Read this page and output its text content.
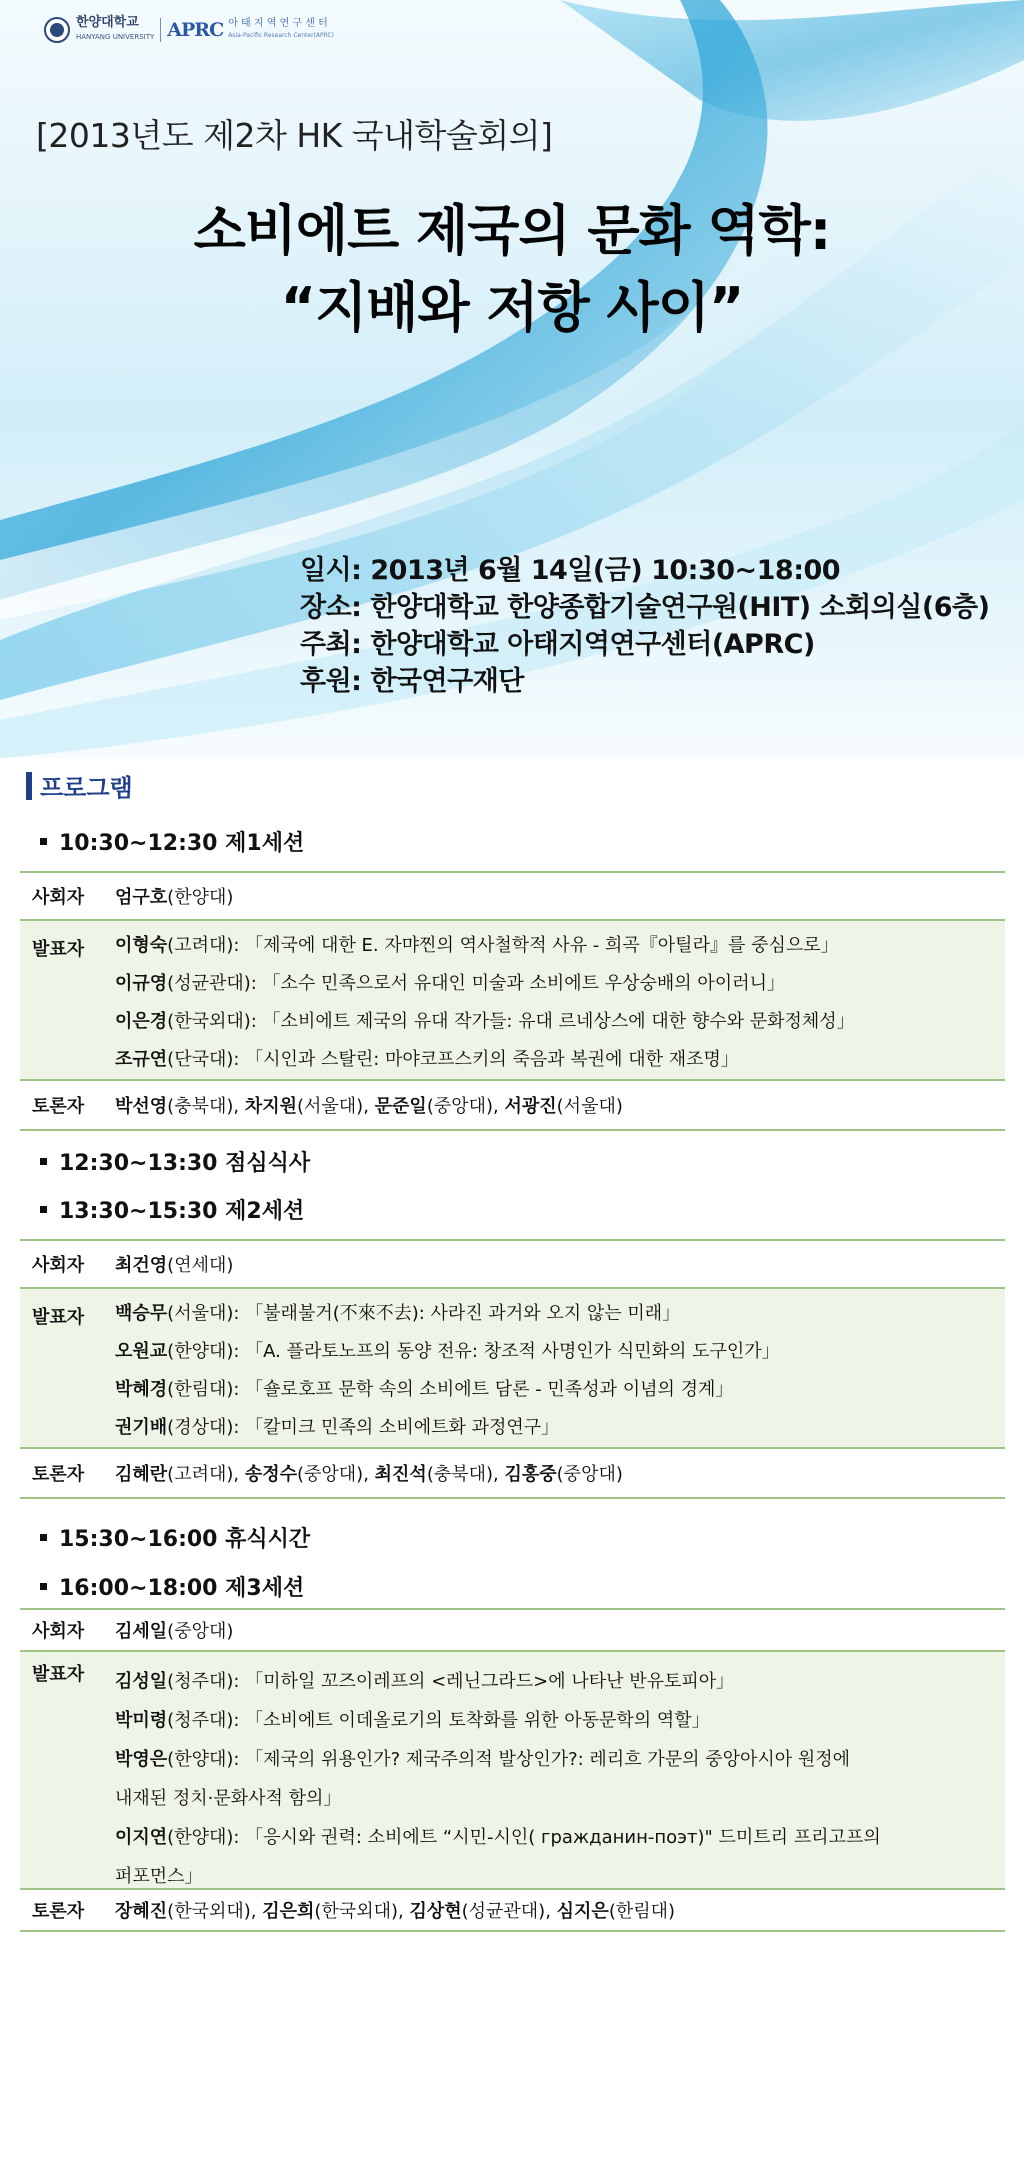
한양대학교
HANYANG UNIVERSITY APRC 아 태 지 역 연 구 센 터
Asia-Pacific Research Center(APRC)
[2013년도 제2차 HK 국내학술회의]
소비에트 제국의 문화 역학:
“지배와 저항 사이”
일시: 2013년 6월 14일(금) 10:30~18:00
장소: 한양대학교 한양종합기술연구원(HIT) 소회의실(6층)
주최: 한양대학교 아태지역연구센터(APRC)
후원: 한국연구재단
프로그램
10:30~12:30 제1세션
사회자	엄구호(한양대)
발표자	이형숙(고려대): 「제국에 대한 E. 자먀찐의 역사철학적 사유 - 희곡『아틸라』를 중심으로」
이규영(성균관대): 「소수 민족으로서 유대인 미술과 소비에트 우상숭배의 아이러니」
이은경(한국외대): 「소비에트 제국의 유대 작가들: 유대 르네상스에 대한 향수와 문화정체성」
조규연(단국대): 「시인과 스탈린: 마야코프스키의 죽음과 복권에 대한 재조명」
토론자	박선영(충북대), 차지원(서울대), 문준일(중앙대), 서광진(서울대)
12:30~13:30 점심식사
13:30~15:30 제2세션
사회자	최건영(연세대)
발표자	백승무(서울대): 「불래불거(不來不去): 사라진 과거와 오지 않는 미래」
오원교(한양대): 「A. 플라토노프의 동양 전유: 창조적 사명인가 식민화의 도구인가」
박혜경(한림대): 「숄로호프 문학 속의 소비에트 담론 - 민족성과 이념의 경계」
권기배(경상대): 「칼미크 민족의 소비에트화 과정연구」
토론자	김혜란(고려대), 송정수(중앙대), 최진석(충북대), 김홍중(중앙대)
15:30~16:00 휴식시간
16:00~18:00 제3세션
사회자	김세일(중앙대)
발표자	김성일(청주대): 「미하일 꼬즈이레프의 <레닌그라드>에 나타난 반유토피아」
박미령(청주대): 「소비에트 이데올로기의 토착화를 위한 아동문학의 역할」
박영은(한양대): 「제국의 위용인가? 제국주의적 발상인가?: 레리흐 가문의 중앙아시아 원정에
내재된 정치·문화사적 함의」
이지연(한양대): 「응시와 권력: 소비에트 “시민-시인( гражданин-поэт)" 드미트리 프리고프의
퍼포먼스」
토론자	장혜진(한국외대), 김은희(한국외대), 김상현(성균관대), 심지은(한림대)
